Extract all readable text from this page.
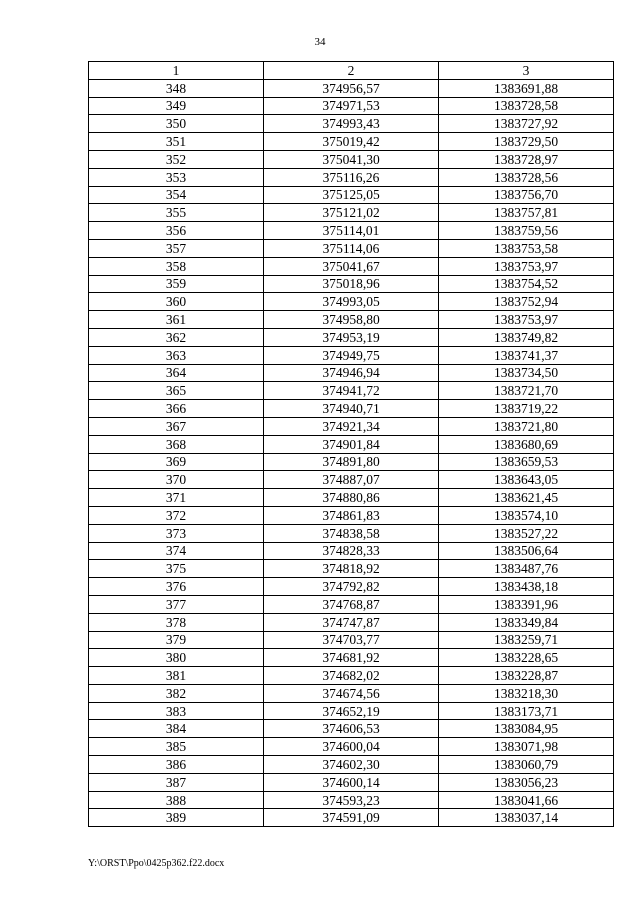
34
1	2	3
348	374956,57	1383691,88
349	374971,53	1383728,58
350	374993,43	1383727,92
351	375019,42	1383729,50
352	375041,30	1383728,97
353	375116,26	1383728,56
354	375125,05	1383756,70
355	375121,02	1383757,81
356	375114,01	1383759,56
357	375114,06	1383753,58
358	375041,67	1383753,97
359	375018,96	1383754,52
360	374993,05	1383752,94
361	374958,80	1383753,97
362	374953,19	1383749,82
363	374949,75	1383741,37
364	374946,94	1383734,50
365	374941,72	1383721,70
366	374940,71	1383719,22
367	374921,34	1383721,80
368	374901,84	1383680,69
369	374891,80	1383659,53
370	374887,07	1383643,05
371	374880,86	1383621,45
372	374861,83	1383574,10
373	374838,58	1383527,22
374	374828,33	1383506,64
375	374818,92	1383487,76
376	374792,82	1383438,18
377	374768,87	1383391,96
378	374747,87	1383349,84
379	374703,77	1383259,71
380	374681,92	1383228,65
381	374682,02	1383228,87
382	374674,56	1383218,30
383	374652,19	1383173,71
384	374606,53	1383084,95
385	374600,04	1383071,98
386	374602,30	1383060,79
387	374600,14	1383056,23
388	374593,23	1383041,66
389	374591,09	1383037,14
Y:\ORST\Ppo\0425p362.f22.docx
